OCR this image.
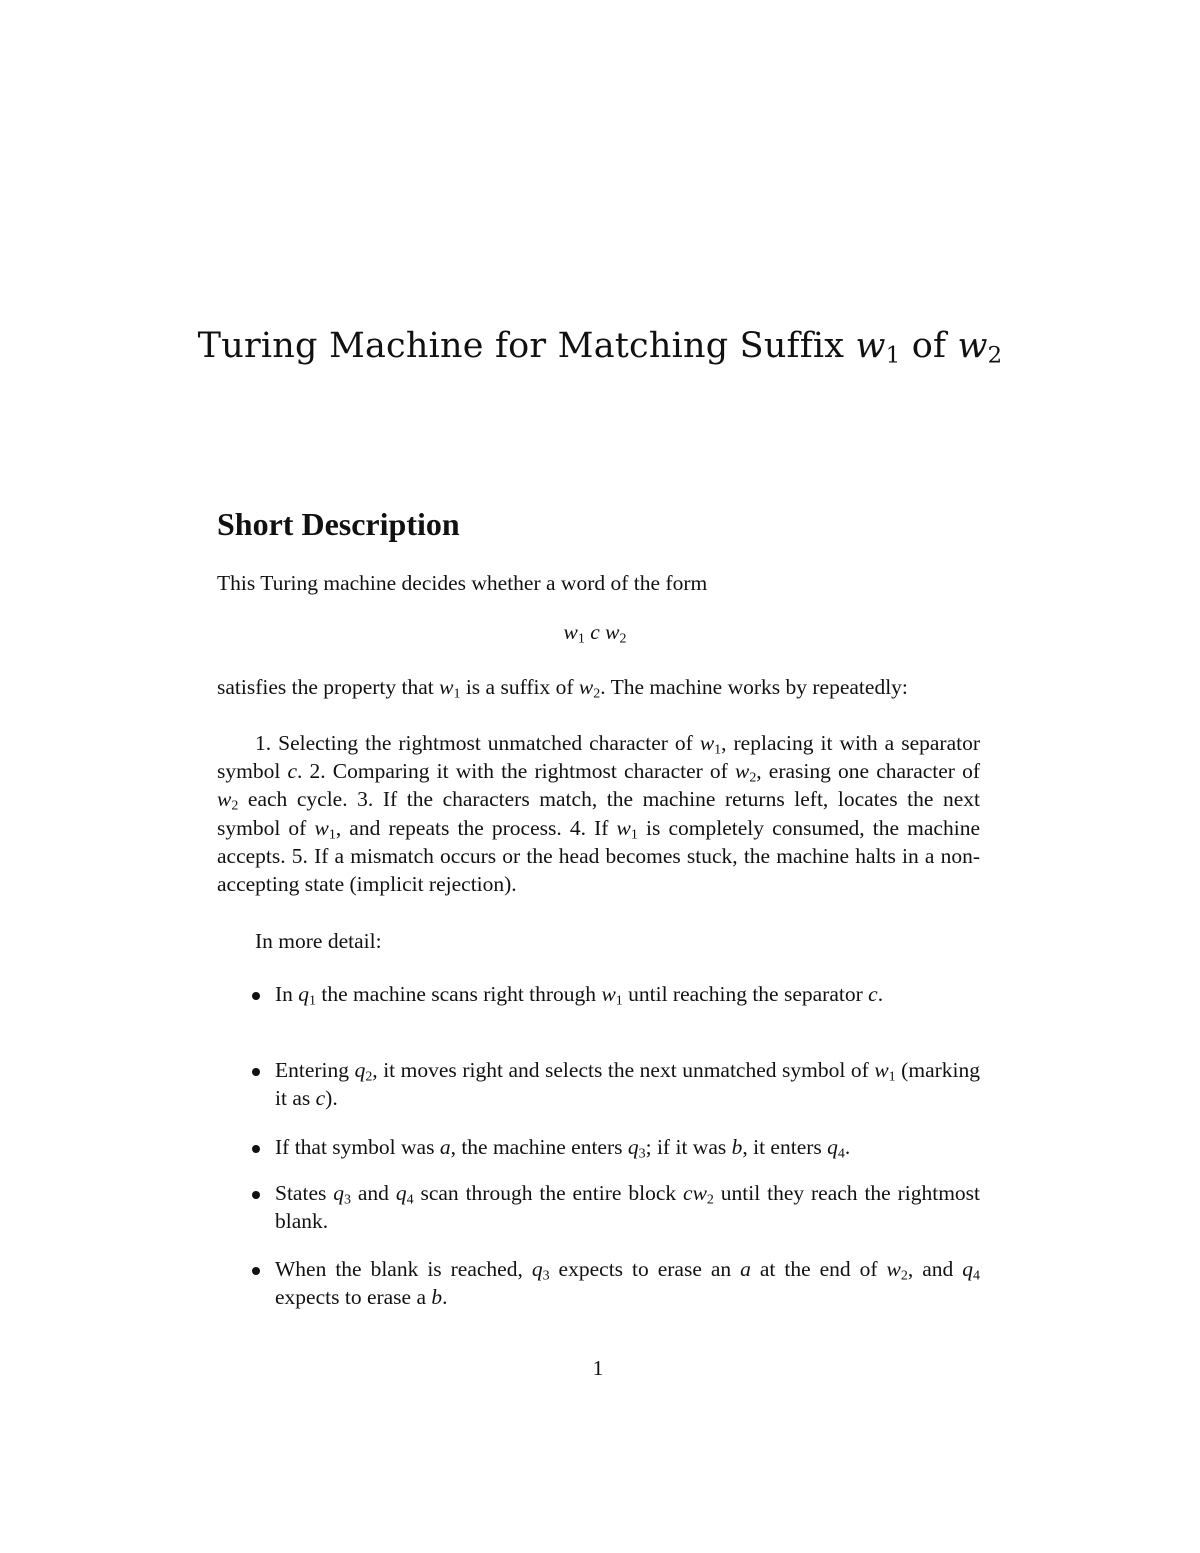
Turing Machine for Matching Suffix $w_1$ of $w_2$
Short Description
This Turing machine decides whether a word of the form
$w_1$ c $w_2$
satisfies the property that $w_1$ is a suffix of $w_2$. The machine works by repeatedly:
1. Selecting the rightmost unmatched character of $w_1$, replacing it with a separator symbol c. 2. Comparing it with the rightmost character of $w_2$, erasing one character of $w_2$ each cycle. 3. If the characters match, the machine returns left, locates the next symbol of $w_1$, and repeats the process. 4. If $w_1$ is completely consumed, the machine accepts. 5. If a mismatch occurs or the head becomes stuck, the machine halts in a non-accepting state (implicit rejection).
In more detail:
In $q_1$ the machine scans right through $w_1$ until reaching the separator c.
Entering $q_2$, it moves right and selects the next unmatched symbol of $w_1$ (marking it as c).
If that symbol was a, the machine enters $q_3$; if it was b, it enters $q_4$.
States $q_3$ and $q_4$ scan through the entire block $cw_2$ until they reach the rightmost blank.
When the blank is reached, $q_3$ expects to erase an a at the end of $w_2$, and $q_4$ expects to erase a b.
1
